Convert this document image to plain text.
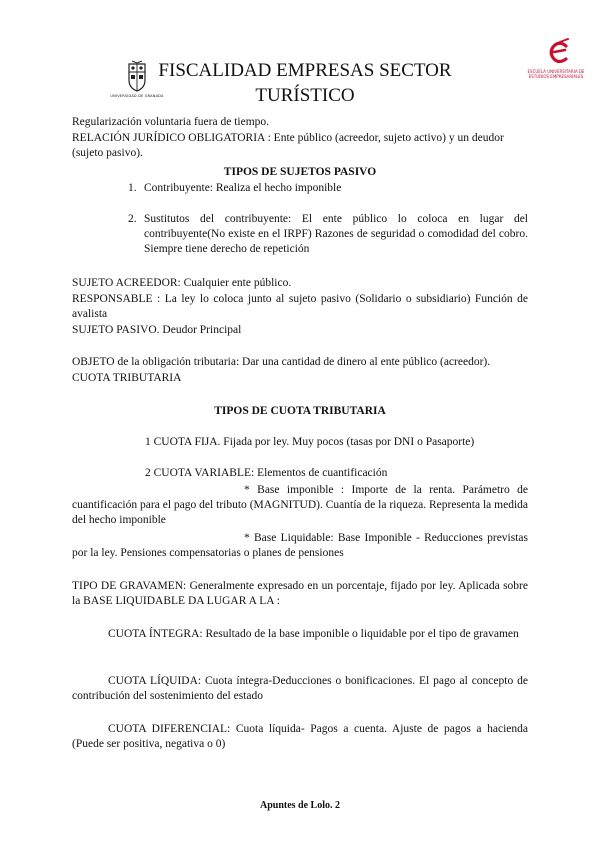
UNIVERSIDAD DE GRANADA
FISCALIDAD EMPRESAS SECTOR
TURÍSTICO
ESCUELA UNIVERSITARIA DE ESTUDIOS EMPRESARIALES
Regularización voluntaria fuera de tiempo.
RELACIÓN JURÍDICO OBLIGATORIA : Ente público (acreedor, sujeto activo) y un deudor (sujeto pasivo).
TIPOS DE SUJETOS PASIVO
1. Contribuyente: Realiza el hecho imponible
2. Sustitutos del contribuyente: El ente público lo coloca en lugar del contribuyente(No existe en el IRPF) Razones de seguridad o comodidad del cobro. Siempre tiene derecho de repetición
SUJETO ACREEDOR: Cualquier ente público.
RESPONSABLE : La ley lo coloca junto al sujeto pasivo (Solidario o subsidiario) Función de avalista
SUJETO PASIVO. Deudor Principal
OBJETO de la obligación tributaria: Dar una cantidad de dinero al ente público (acreedor).
CUOTA TRIBUTARIA
TIPOS DE CUOTA TRIBUTARIA
1 CUOTA FIJA. Fijada por ley. Muy pocos (tasas por DNI o Pasaporte)
2 CUOTA VARIABLE: Elementos de cuantificación
* Base imponible : Importe de la renta. Parámetro de cuantificación para el pago del tributo (MAGNITUD). Cuantía de la riqueza. Representa la medida del hecho imponible
* Base Liquidable: Base Imponible - Reducciones previstas por la ley. Pensiones compensatorias o planes de pensiones
TIPO DE GRAVAMEN: Generalmente expresado en un porcentaje, fijado por ley. Aplicada sobre la BASE LIQUIDABLE DA LUGAR A LA :
CUOTA ÍNTEGRA: Resultado de la base imponible o liquidable por el tipo de gravamen
CUOTA LÍQUIDA: Cuota íntegra-Deducciones o bonificaciones. El pago al concepto de contribución del sostenimiento del estado
CUOTA DIFERENCIAL: Cuota líquida- Pagos a cuenta. Ajuste de pagos a hacienda (Puede ser positiva, negativa o 0)
Apuntes de Lolo. 2
